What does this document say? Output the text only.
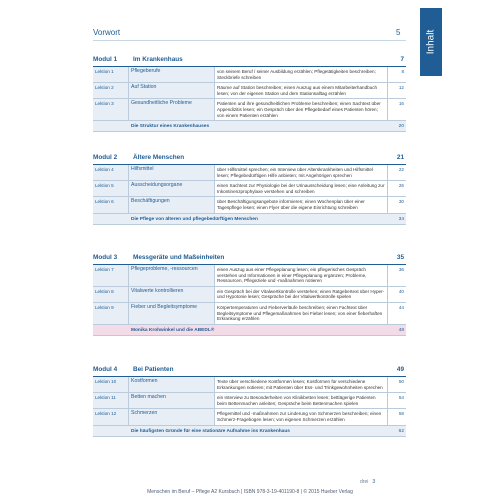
Inhalt
Vorwort	5
Modul 1 Im Krankenhaus	7
Lektion 1	Pflegeberufe	von seinem Beruf / seiner Ausbildung erzählen; Pflegetätigkeiten beschreiben; Steckbriefe schreiben	8
Lektion 2	Auf Station	Räume auf Station beschreiben; einen Auszug aus einem Mitarbeiterhandbuch lesen; von der eigenen Station und dem Stationsalltag erzählen	12
Lektion 3	Gesundheitliche Probleme	Patienten und ihre gesundheitlichen Probleme beschreiben; einen Sachtext über Appendizitis lesen; ein Gespräch über den Pflegebedarf eines Patienten hören; von einem Patienten erzählen	16
Die Struktur eines Krankenhauses	20
Modul 2 Ältere Menschen	21
Lektion 4	Hilfsmittel	über Hilfsmittel sprechen; ein Interview über Alterskrankheiten und Hilfsmittel lesen; Pflegebedürftigen Hilfe anbieten; mit Angehörigen sprechen	22
Lektion 5	Ausscheidungsorgane	einen Sachtext zur Physiologie bei der Urinausscheidung lesen; eine Anleitung zur Inkontinenzprophylaxe verstehen und schreiben	26
Lektion 6	Beschäftigungen	über Beschäftigungsangebote informieren; einen Wochenplan über einer Tagespflege lesen; einen Flyer über die eigene Einrichtung schreiben	30
Die Pflege von älteren und pflegebedürftigen Menschen	34
Modul 3 Messgeräte und Maßeinheiten	35
Lektion 7	Pflegeprobleme, -ressourcen	einen Auszug aus einer Pflegeplanung lesen; ein pflegerisches Gespräch verstehen und Informationen in einer Pflegeplanung ergänzen; Probleme, Ressourcen, Pflegeziele und -maßnahmen notieren	36
Lektion 8	Vitalwerte kontrollieren	ein Gespräch bei der Vitalwertkontrolle verstehen; einen Ratgebertext über Hyper- und Hypotonie lesen; Gespräche bei der Vitalwertkontrolle spielen	40
Lektion 9	Fieber und Begleitsymptome	Körpertemperaturen und Fieberverläufe beschreiben; einen Fachtext über Begleitsymptome und Pflegemaßnahmen bei Fieber lesen; von einer fieberhaften Erkrankung erzählen	44
Monika Krohwinkel und die ABEDL®	48
Modul 4 Bei Patienten	49
Lektion 10	Kostformen	Texte über verschiedene Kostformen lesen; Kostformen für verschiedene Erkrankungen notieren; mit Patienten über Ess- und Trinkgewohnheiten sprechen	50
Lektion 11	Betten machen	ein Interview zu Besonderheiten von Klinikbetten lesen; bettlägerige Patienten beim Bettenmachen anleiten; Gespräche beim Bettenmachen spielen	54
Lektion 12	Schmerzen	Pflegemittel und -maßnahmen zur Linderung von Schmerzen beschreiben; einen Schmerz-Fragebogen lesen; von eigenen Schmerzen erzählen	58
Die häufigsten Gründe für eine stationäre Aufnahme ins Krankenhaus	62
drei 3
Menschen im Beruf – Pflege A2 Kursbuch | ISBN 978-3-19-401190-8 | © 2015 Hueber Verlag
